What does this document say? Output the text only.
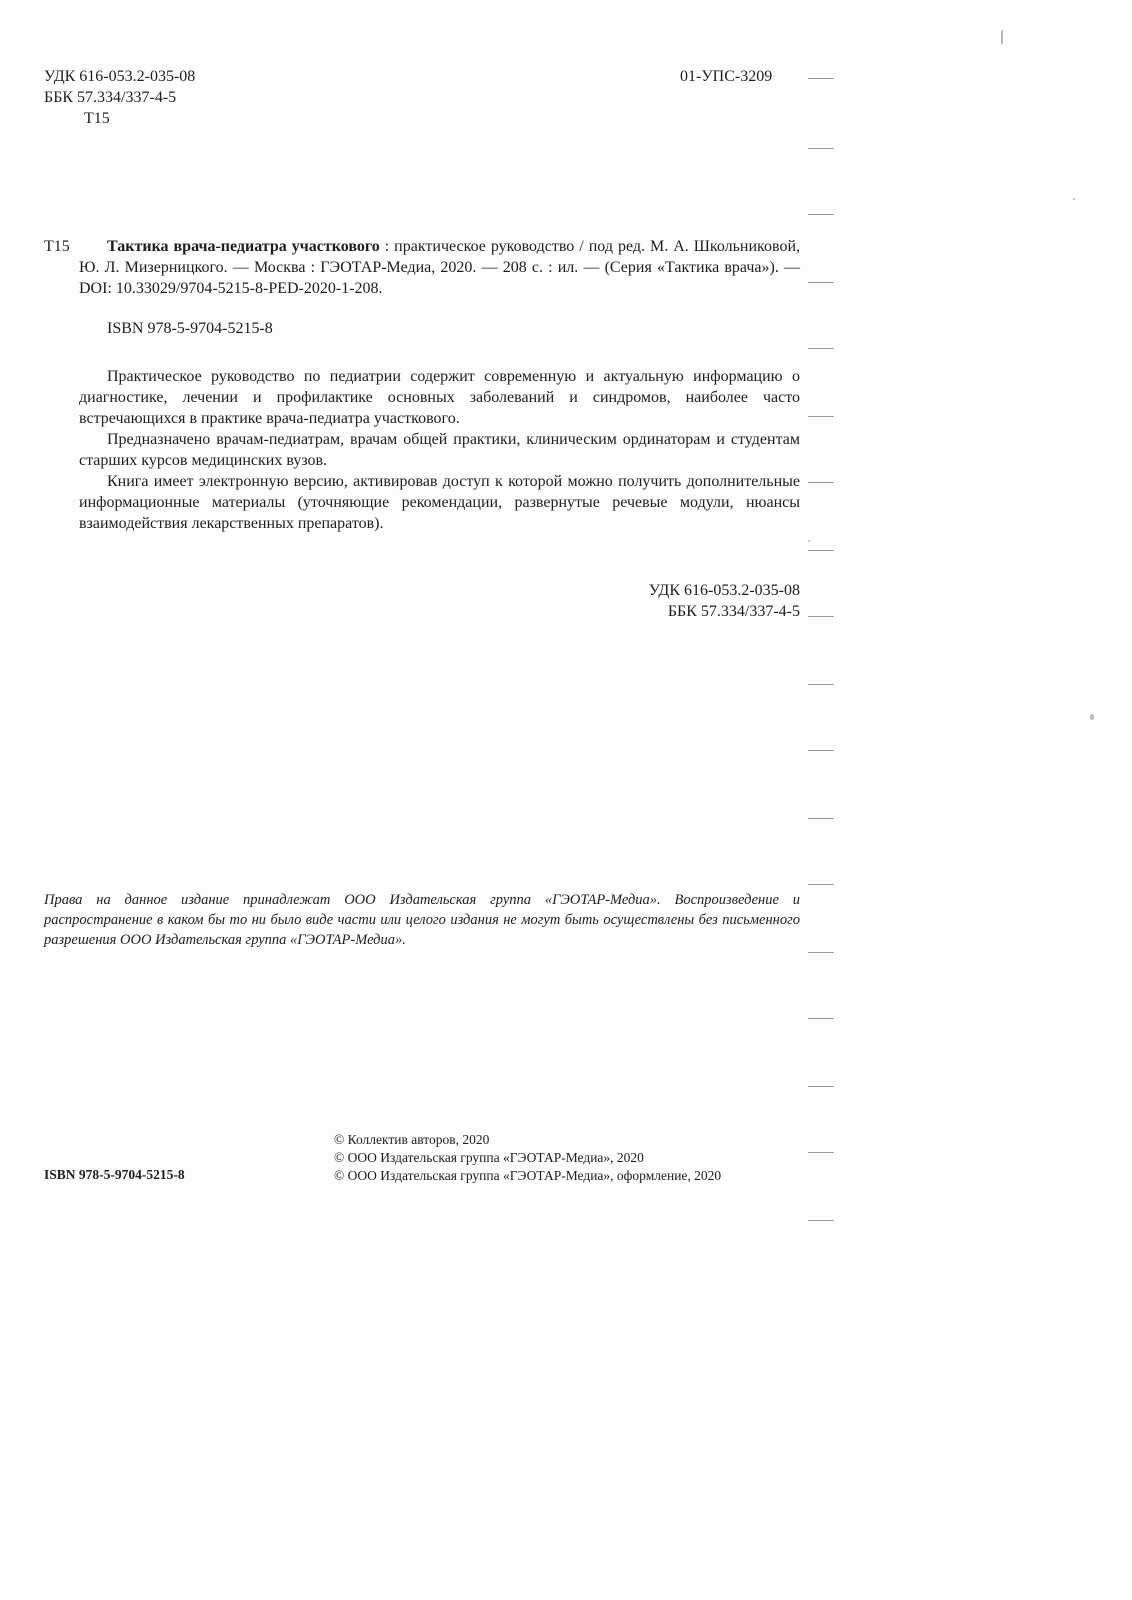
УДК 616-053.2-035-08
ББК 57.334/337-4-5
Т15
01-УПС-3209
Т15	Тактика врача-педиатра участкового : практическое руководство / под ред. М. А. Школьниковой, Ю. Л. Мизерницкого. — Москва : ГЭОТАР-Медиа, 2020. — 208 с. : ил. — (Серия «Тактика врача»). — DOI: 10.33029/9704-5215-8-PED-2020-1-208.
ISBN 978-5-9704-5215-8

Практическое руководство по педиатрии содержит современную и актуальную информацию о диагностике, лечении и профилактике основных заболеваний и синдромов, наиболее часто встречающихся в практике врача-педиатра участкового.

Предназначено врачам-педиатрам, врачам общей практики, клиническим ординаторам и студентам старших курсов медицинских вузов.

Книга имеет электронную версию, активировав доступ к которой можно получить дополнительные информационные материалы (уточняющие рекомендации, развернутые речевые модули, нюансы взаимодействия лекарственных препаратов).

УДК 616-053.2-035-08
ББК 57.334/337-4-5
Права на данное издание принадлежат ООО Издательская группа «ГЭОТАР-Медиа». Воспроизведение и распространение в каком бы то ни было виде части или целого издания не могут быть осуществлены без письменного разрешения ООО Издательская группа «ГЭОТАР-Медиа».
ISBN 978-5-9704-5215-8
© Коллектив авторов, 2020
© ООО Издательская группа «ГЭОТАР-Медиа», 2020
© ООО Издательская группа «ГЭОТАР-Медиа», оформление, 2020
